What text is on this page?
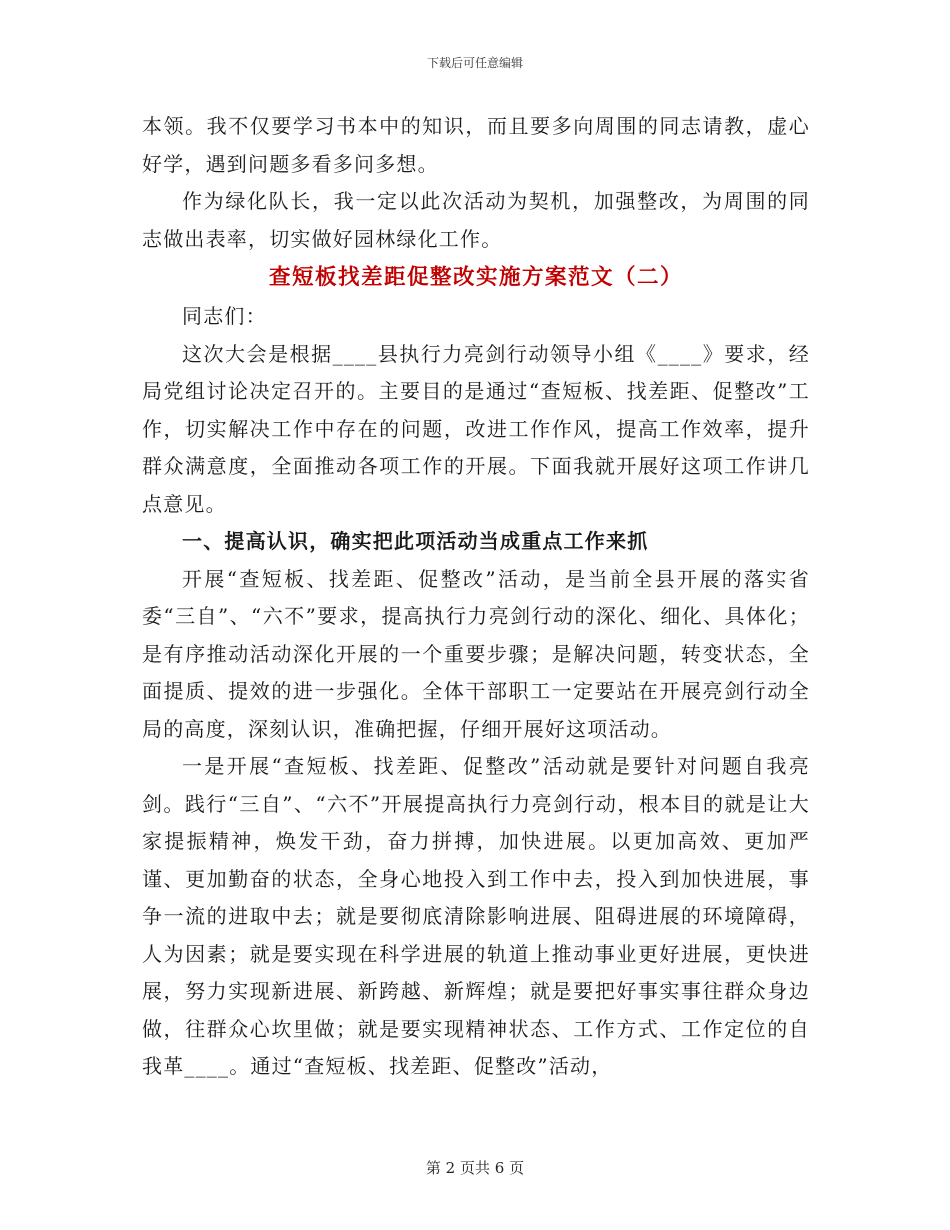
下载后可任意编辑

本领。我不仅要学习书本中的知识，而且要多向周围的同志请教，虚心好学，遇到问题多看多问多想。

作为绿化队长，我一定以此次活动为契机，加强整改，为周围的同志做出表率，切实做好园林绿化工作。

查短板找差距促整改实施方案范文（二）

同志们：

这次大会是根据____县执行力亮剑行动领导小组《____》要求，经局党组讨论决定召开的。主要目的是通过“查短板、找差距、促整改”工作，切实解决工作中存在的问题，改进工作作风，提高工作效率，提升群众满意度，全面推动各项工作的开展。下面我就开展好这项工作讲几点意见。

一、提高认识，确实把此项活动当成重点工作来抓

开展“查短板、找差距、促整改”活动，是当前全县开展的落实省委“三自”、“六不”要求，提高执行力亮剑行动的深化、细化、具体化；是有序推动活动深化开展的一个重要步骤；是解决问题，转变状态，全面提质、提效的进一步强化。全体干部职工一定要站在开展亮剑行动全局的高度，深刻认识，准确把握，仔细开展好这项活动。

一是开展“查短板、找差距、促整改”活动就是要针对问题自我亮剑。践行“三自”、“六不”开展提高执行力亮剑行动，根本目的就是让大家提振精神，焕发干劲，奋力拼搏，加快进展。以更加高效、更加严谨、更加勤奋的状态，全身心地投入到工作中去，投入到加快进展，事争一流的进取中去；就是要彻底清除影响进展、阻碍进展的环境障碍，人为因素；就是要实现在科学进展的轨道上推动事业更好进展，更快进展，努力实现新进展、新跨越、新辉煌；就是要把好事实事往群众身边做，往群众心坎里做；就是要实现精神状态、工作方式、工作定位的自我革____。通过“查短板、找差距、促整改”活动，

第 2 页共 6 页
